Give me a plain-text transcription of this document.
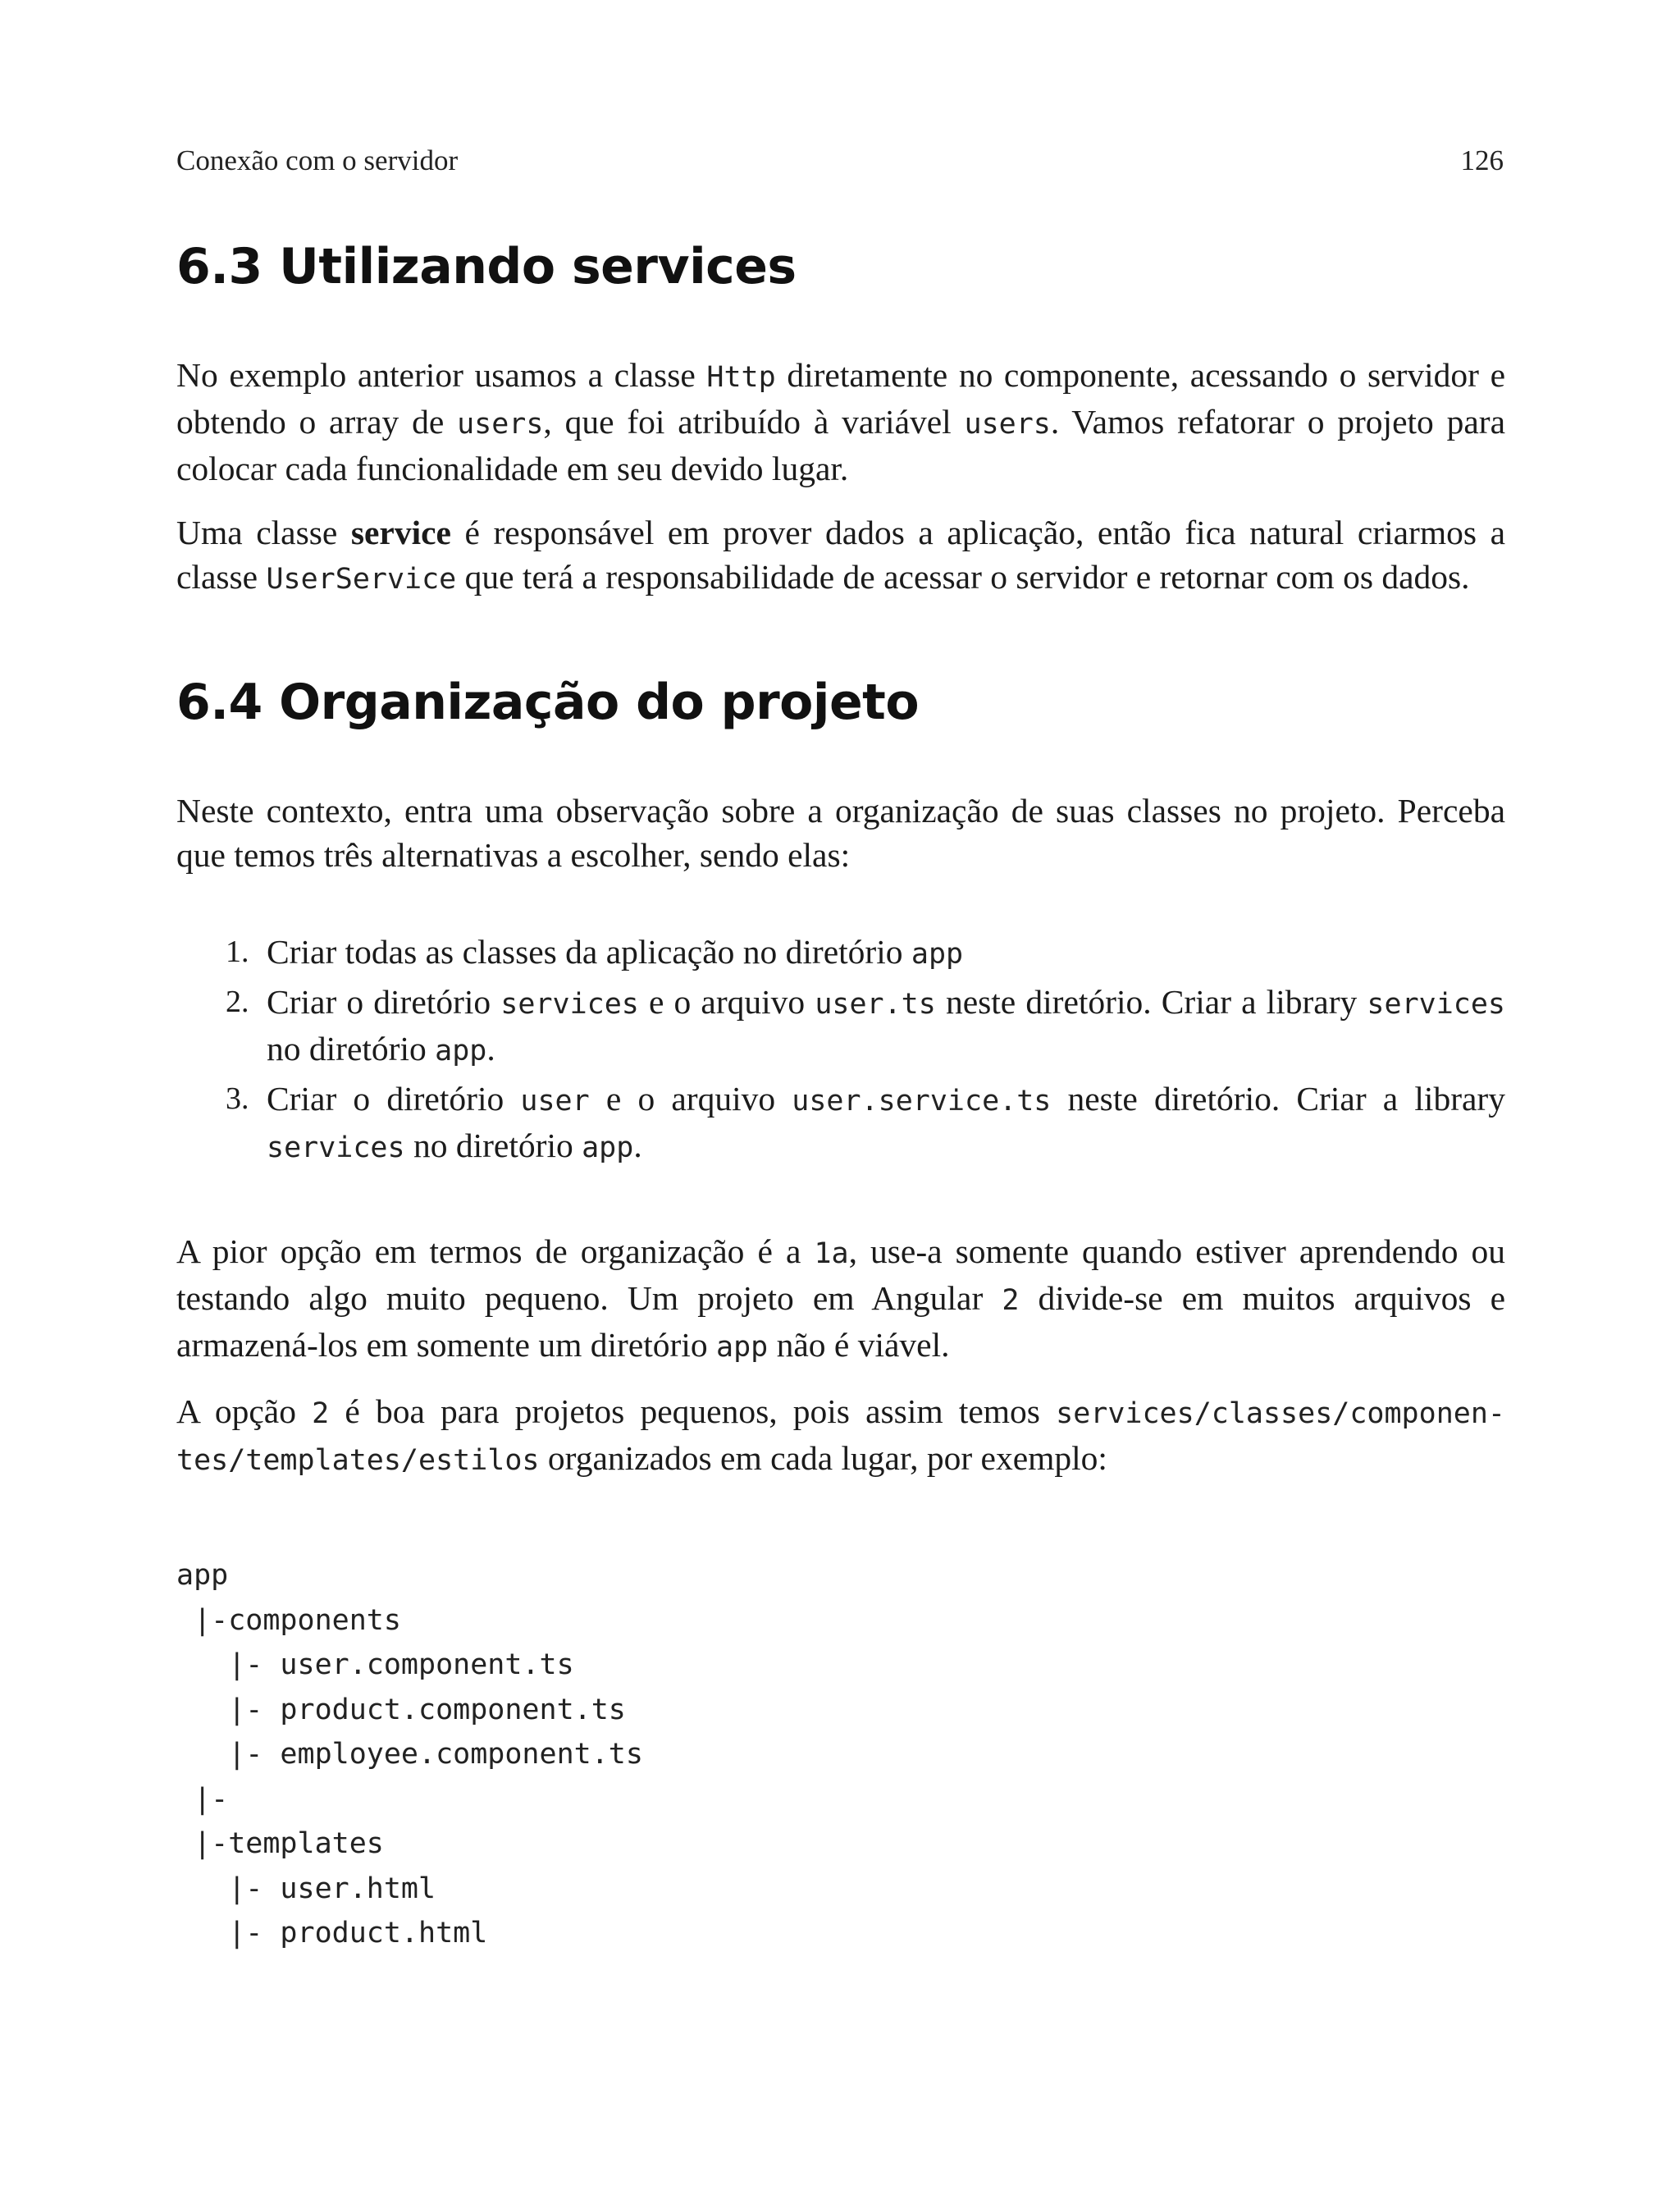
Conexão com o servidor	126
6.3 Utilizando services

No exemplo anterior usamos a classe Http diretamente no componente, acessando o servidor e obtendo o array de users, que foi atribuído à variável users. Vamos refatorar o projeto para colocar cada funcionalidade em seu devido lugar.

Uma classe service é responsável em prover dados a aplicação, então fica natural criarmos a classe UserService que terá a responsabilidade de acessar o servidor e retornar com os dados.

6.4 Organização do projeto

Neste contexto, entra uma observação sobre a organização de suas classes no projeto. Perceba que temos três alternativas a escolher, sendo elas:

1. Criar todas as classes da aplicação no diretório app
2. Criar o diretório services e o arquivo user.ts neste diretório. Criar a library services no diretório app.
3. Criar o diretório user e o arquivo user.service.ts neste diretório. Criar a library services no diretório app.

A pior opção em termos de organização é a 1a, use-a somente quando estiver aprendendo ou testando algo muito pequeno. Um projeto em Angular 2 divide-se em muitos arquivos e armazená-los em somente um diretório app não é viável.

A opção 2 é boa para projetos pequenos, pois assim temos services/classes/componen-tes/templates/estilos organizados em cada lugar, por exemplo:

app
|-components
|- user.component.ts
|- product.component.ts
|- employee.component.ts
|-
|-templates
|- user.html
|- product.html
